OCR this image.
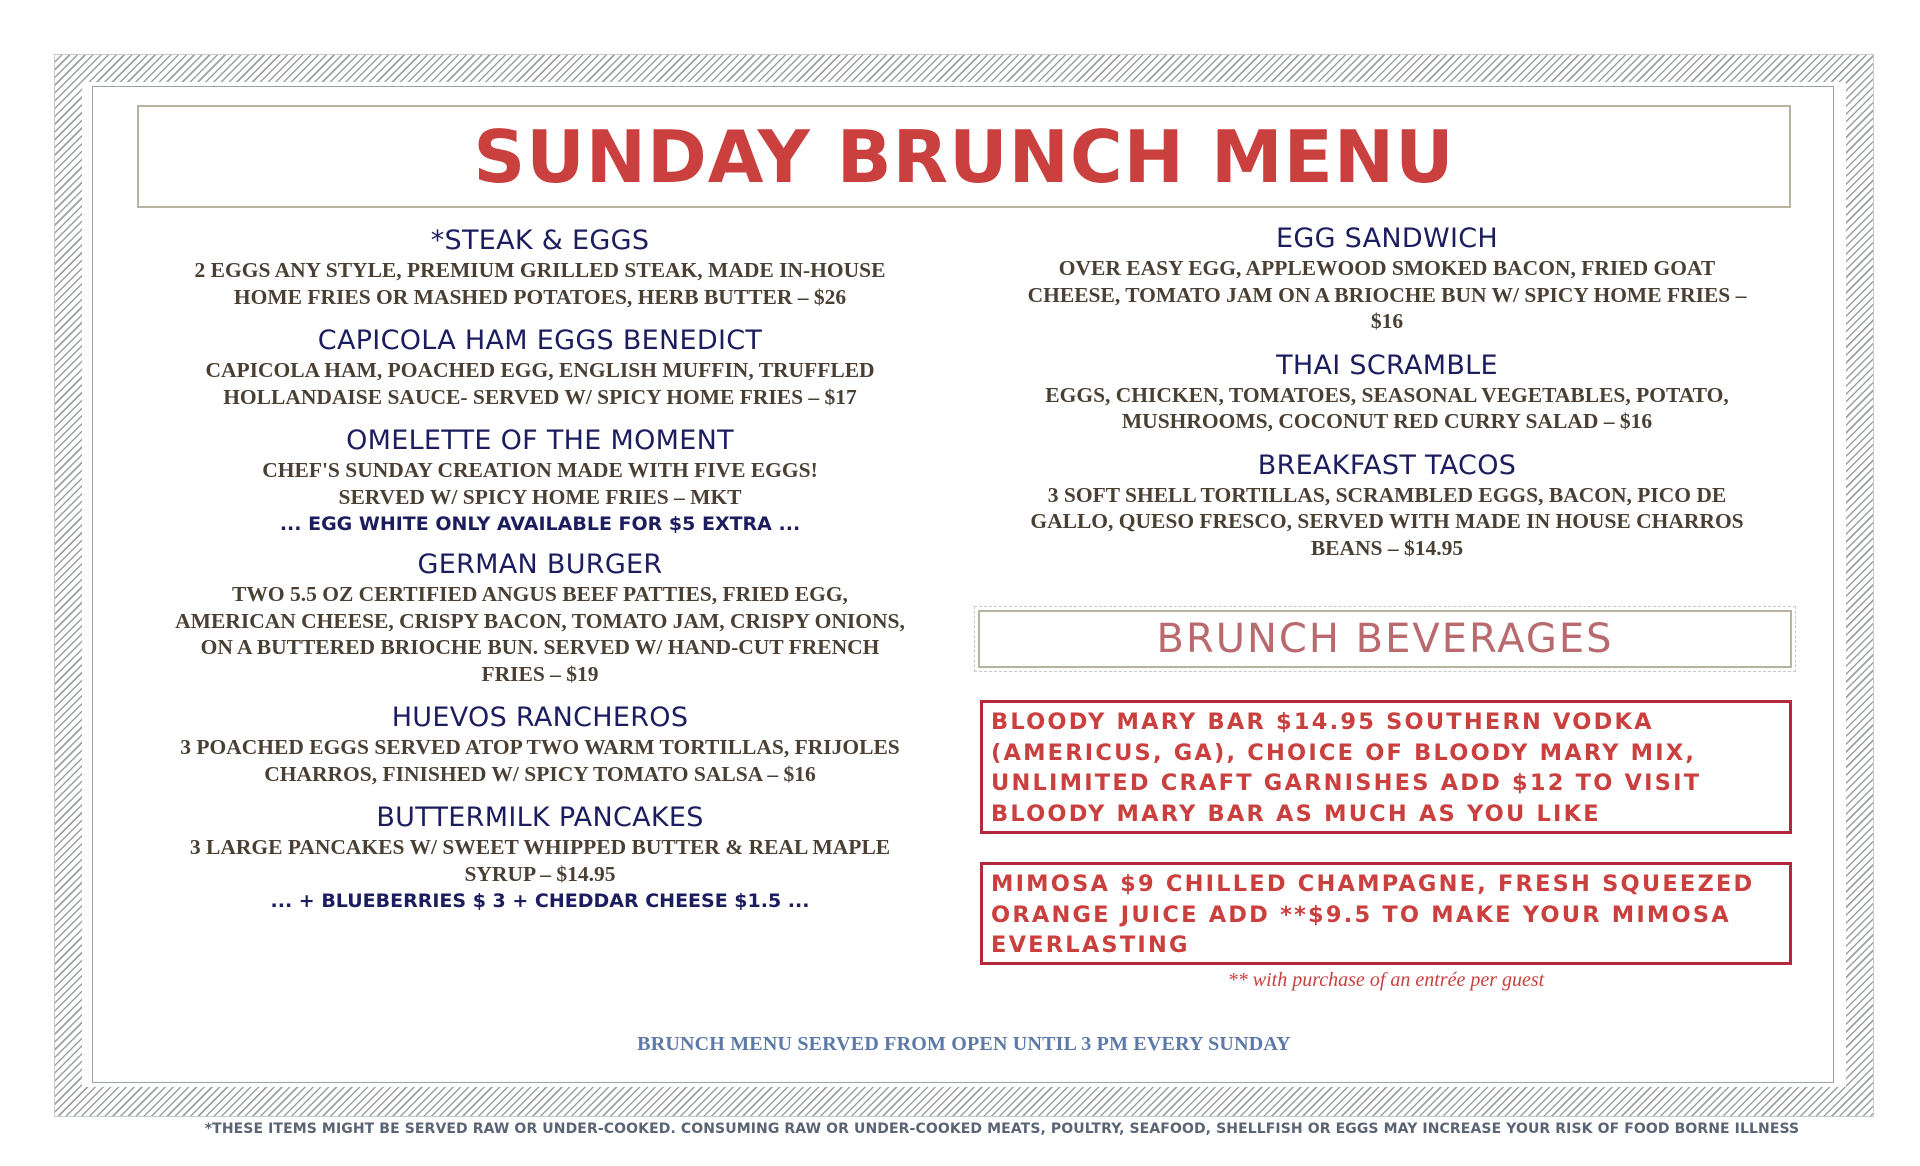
SUNDAY BRUNCH MENU
*STEAK & EGGS
2 EGGS ANY STYLE, PREMIUM GRILLED STEAK, MADE IN-HOUSE
HOME FRIES OR MASHED POTATOES, HERB BUTTER – $26
CAPICOLA HAM EGGS BENEDICT
CAPICOLA HAM, POACHED EGG, ENGLISH MUFFIN, TRUFFLED
HOLLANDAISE SAUCE- SERVED W/ SPICY HOME FRIES – $17
OMELETTE OF THE MOMENT
CHEF'S SUNDAY CREATION MADE WITH FIVE EGGS!
SERVED W/ SPICY HOME FRIES – MKT
... EGG WHITE ONLY AVAILABLE FOR $5 EXTRA ...
GERMAN BURGER
TWO 5.5 OZ CERTIFIED ANGUS BEEF PATTIES, FRIED EGG,
AMERICAN CHEESE, CRISPY BACON, TOMATO JAM, CRISPY ONIONS,
ON A BUTTERED BRIOCHE BUN. SERVED W/ HAND-CUT FRENCH
FRIES – $19
HUEVOS RANCHEROS
3 POACHED EGGS SERVED ATOP TWO WARM TORTILLAS, FRIJOLES
CHARROS, FINISHED W/ SPICY TOMATO SALSA – $16
BUTTERMILK PANCAKES
3 LARGE PANCAKES W/ SWEET WHIPPED BUTTER & REAL MAPLE
SYRUP – $14.95
... + BLUEBERRIES $ 3 + CHEDDAR CHEESE $1.5 ...
EGG SANDWICH
OVER EASY EGG, APPLEWOOD SMOKED BACON, FRIED GOAT
CHEESE, TOMATO JAM ON A BRIOCHE BUN W/ SPICY HOME FRIES –
$16
THAI SCRAMBLE
EGGS, CHICKEN, TOMATOES, SEASONAL VEGETABLES, POTATO,
MUSHROOMS, COCONUT RED CURRY SALAD – $16
BREAKFAST TACOS
3 SOFT SHELL TORTILLAS, SCRAMBLED EGGS, BACON, PICO DE
GALLO, QUESO FRESCO, SERVED WITH MADE IN HOUSE CHARROS
BEANS – $14.95
BRUNCH BEVERAGES
BLOODY MARY BAR $14.95 SOUTHERN VODKA (AMERICUS, GA), CHOICE OF BLOODY MARY MIX, UNLIMITED CRAFT GARNISHES ADD $12 TO VISIT BLOODY MARY BAR AS MUCH AS YOU LIKE
MIMOSA $9 CHILLED CHAMPAGNE, FRESH SQUEEZED ORANGE JUICE ADD **$9.5 TO MAKE YOUR MIMOSA EVERLASTING
** with purchase of an entrée per guest
BRUNCH MENU SERVED FROM OPEN UNTIL 3 PM EVERY SUNDAY
*THESE ITEMS MIGHT BE SERVED RAW OR UNDER-COOKED. CONSUMING RAW OR UNDER-COOKED MEATS, POULTRY, SEAFOOD, SHELLFISH OR EGGS MAY INCREASE YOUR RISK OF FOOD BORNE ILLNESS
